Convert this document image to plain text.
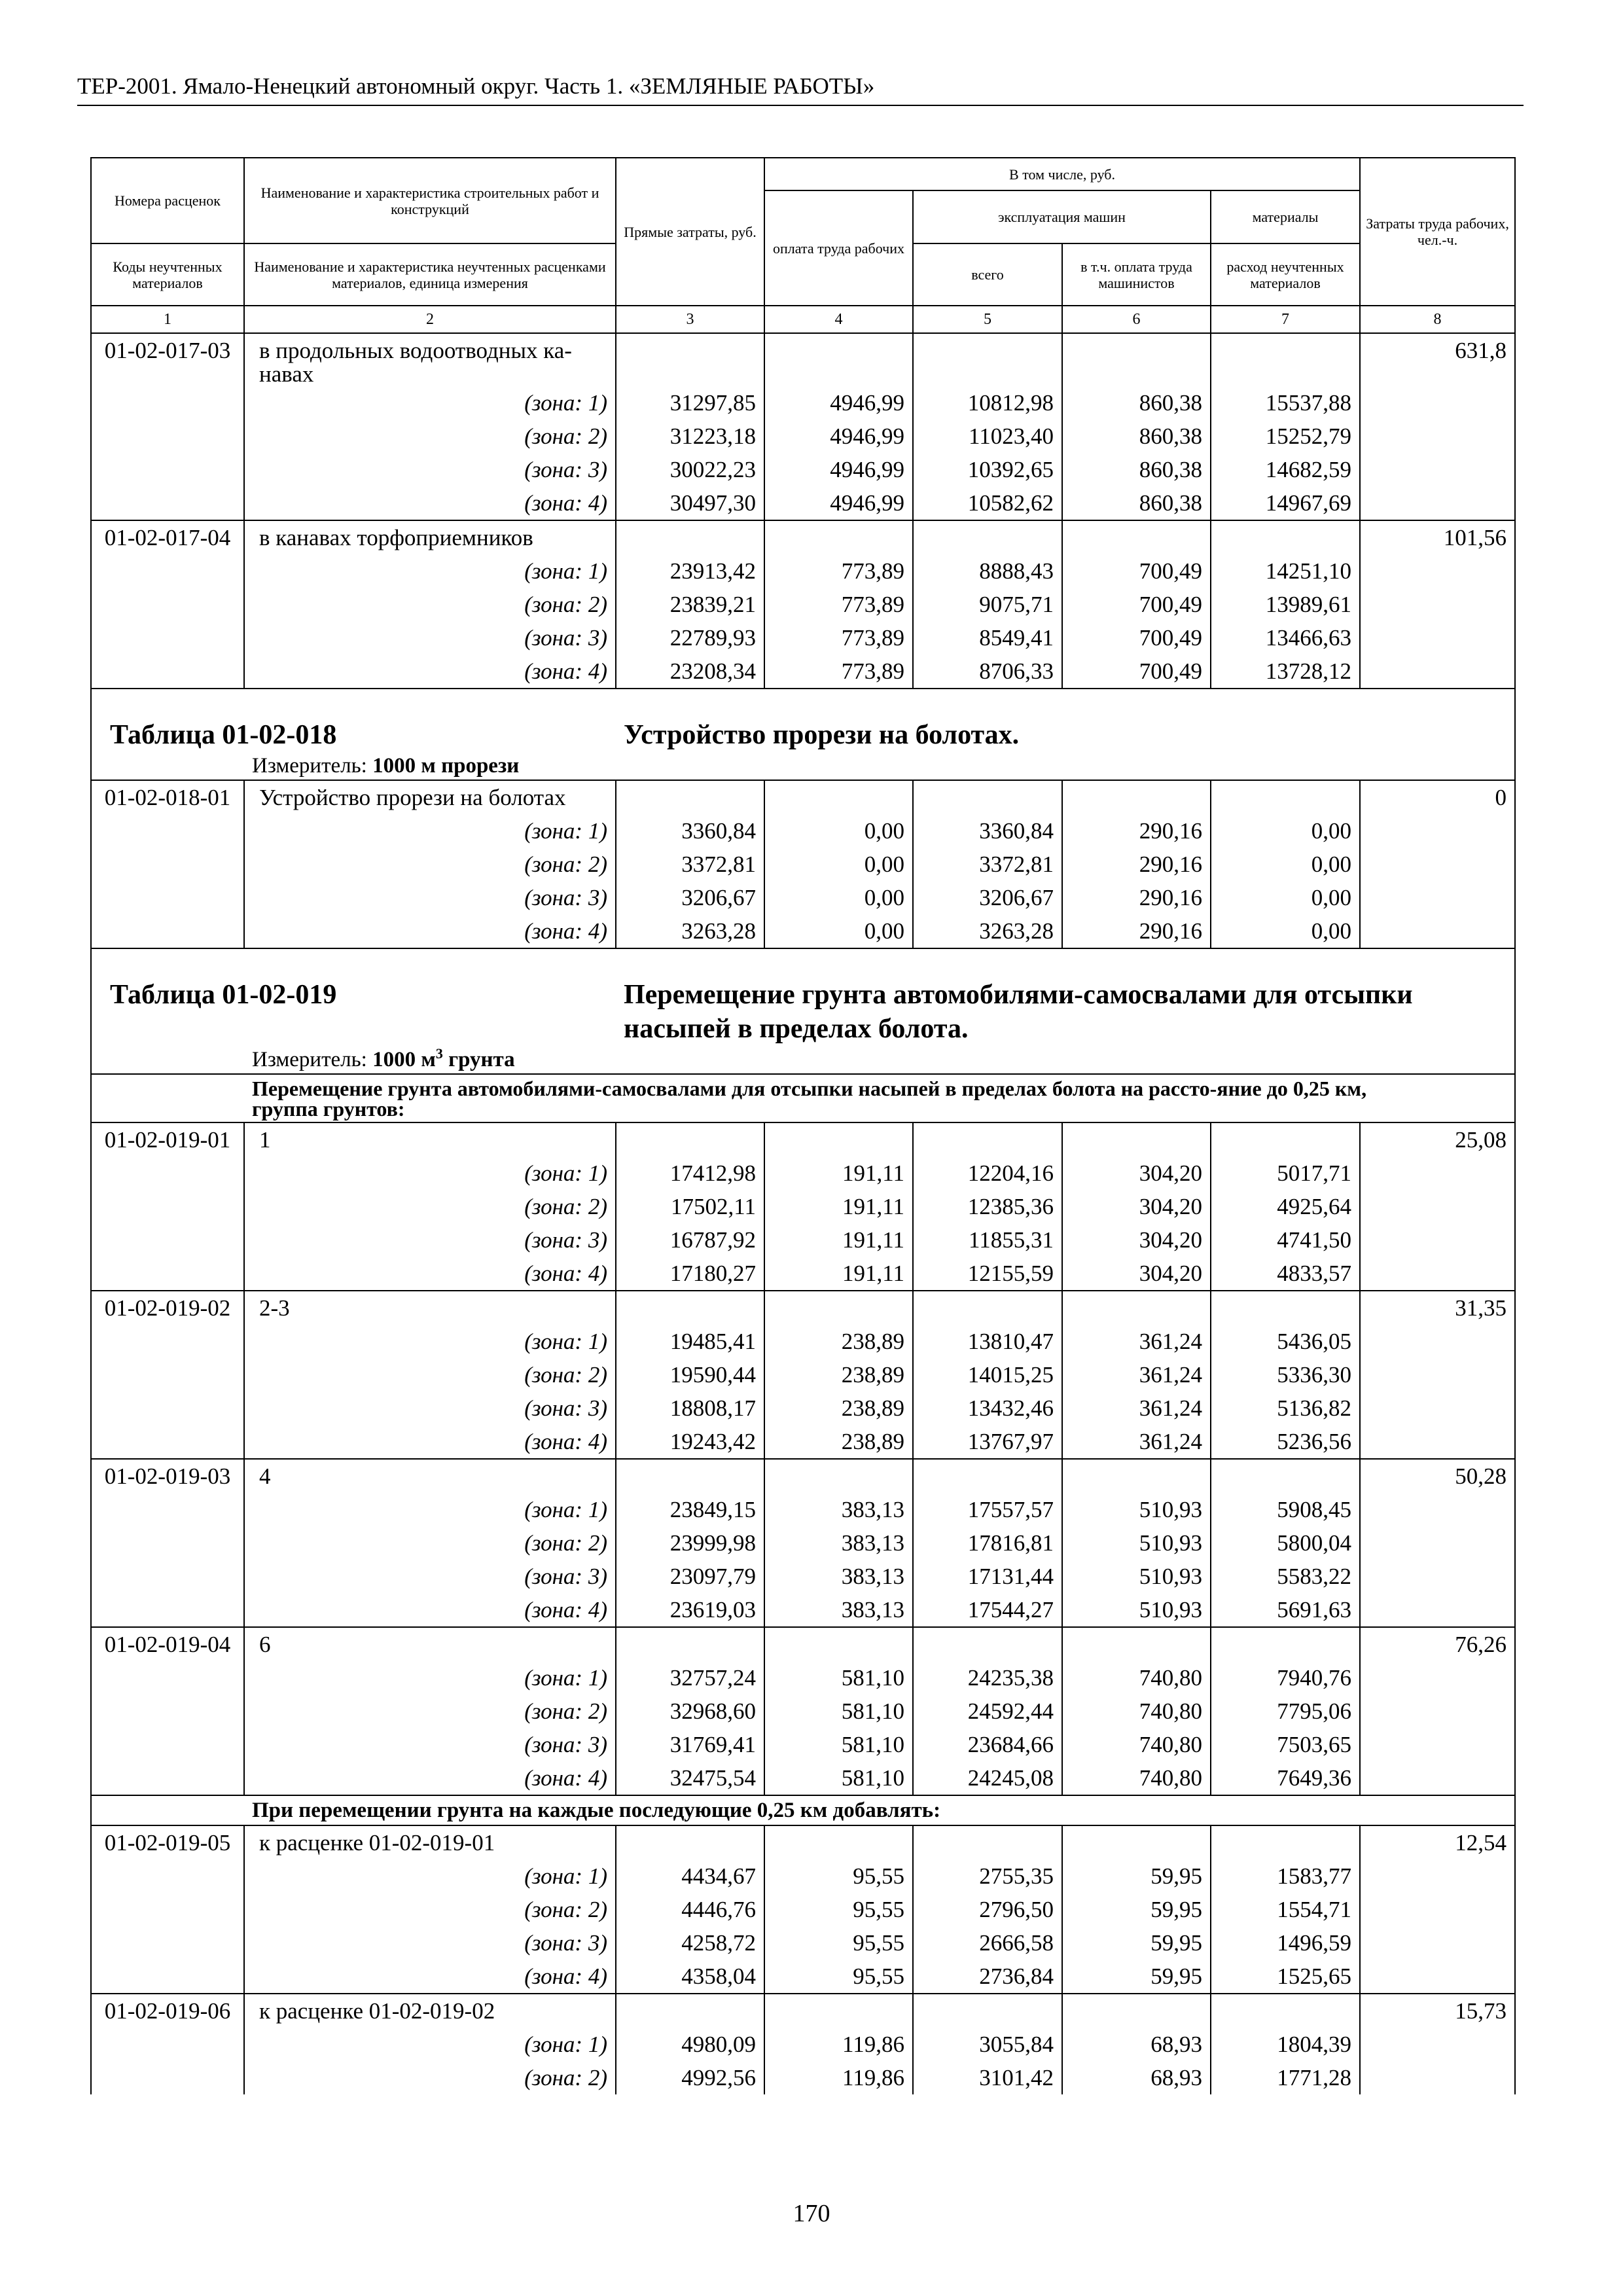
ТЕР-2001. Ямало-Ненецкий автономный округ. Часть 1. «ЗЕМЛЯНЫЕ РАБОТЫ»
Номера расценок	Наименование и характеристика строительных работ и конструкций	Прямые затраты, руб.	В том числе, руб.				Затраты труда рабочих, чел.-ч.
			оплата труда рабочих	эксплуатация машин		материалы	
Коды неучтенных материалов	Наименование и характеристика неучтенных расценками материалов, единица измерения			всего	в т.ч. оплата труда машинистов	расход неучтенных материалов	
1	2	3	4	5	6	7	8
01-02-017-03	в продольных водоотводных ка-навах						631,8
	(зона: 1)	31297,85	4946,99	10812,98	860,38	15537,88	
	(зона: 2)	31223,18	4946,99	11023,40	860,38	15252,79	
	(зона: 3)	30022,23	4946,99	10392,65	860,38	14682,59	
	(зона: 4)	30497,30	4946,99	10582,62	860,38	14967,69	
01-02-017-04	в канавах торфоприемников						101,56
	(зона: 1)	23913,42	773,89	8888,43	700,49	14251,10	
	(зона: 2)	23839,21	773,89	9075,71	700,49	13989,61	
	(зона: 3)	22789,93	773,89	8549,41	700,49	13466,63	
	(зона: 4)	23208,34	773,89	8706,33	700,49	13728,12	
Таблица 01-02-018		Устройство прорези на болотах.					
	Измеритель: 1000 м прорези						
01-02-018-01	Устройство прорези на болотах						0
	(зона: 1)	3360,84	0,00	3360,84	290,16	0,00	
	(зона: 2)	3372,81	0,00	3372,81	290,16	0,00	
	(зона: 3)	3206,67	0,00	3206,67	290,16	0,00	
	(зона: 4)	3263,28	0,00	3263,28	290,16	0,00	
Таблица 01-02-019		Перемещение грунта автомобилями-самосвалами для отсыпки насыпей в пределах болота.					
	Измеритель: 1000 $м^3$ грунта						
	Перемещение грунта автомобилями-самосвалами для отсыпки насыпей в пределах болота на рассто-яние до 0,25 км, группа грунтов:						
01-02-019-01	1						25,08
	(зона: 1)	17412,98	191,11	12204,16	304,20	5017,71	
	(зона: 2)	17502,11	191,11	12385,36	304,20	4925,64	
	(зона: 3)	16787,92	191,11	11855,31	304,20	4741,50	
	(зона: 4)	17180,27	191,11	12155,59	304,20	4833,57	
01-02-019-02	2-3						31,35
	(зона: 1)	19485,41	238,89	13810,47	361,24	5436,05	
	(зона: 2)	19590,44	238,89	14015,25	361,24	5336,30	
	(зона: 3)	18808,17	238,89	13432,46	361,24	5136,82	
	(зона: 4)	19243,42	238,89	13767,97	361,24	5236,56	
01-02-019-03	4						50,28
	(зона: 1)	23849,15	383,13	17557,57	510,93	5908,45	
	(зона: 2)	23999,98	383,13	17816,81	510,93	5800,04	
	(зона: 3)	23097,79	383,13	17131,44	510,93	5583,22	
	(зона: 4)	23619,03	383,13	17544,27	510,93	5691,63	
01-02-019-04	6						76,26
	(зона: 1)	32757,24	581,10	24235,38	740,80	7940,76	
	(зона: 2)	32968,60	581,10	24592,44	740,80	7795,06	
	(зона: 3)	31769,41	581,10	23684,66	740,80	7503,65	
	(зона: 4)	32475,54	581,10	24245,08	740,80	7649,36	
	При перемещении грунта на каждые последующие 0,25 км добавлять:						
01-02-019-05	к расценке 01-02-019-01						12,54
	(зона: 1)	4434,67	95,55	2755,35	59,95	1583,77	
	(зона: 2)	4446,76	95,55	2796,50	59,95	1554,71	
	(зона: 3)	4258,72	95,55	2666,58	59,95	1496,59	
	(зона: 4)	4358,04	95,55	2736,84	59,95	1525,65	
01-02-019-06	к расценке 01-02-019-02						15,73
	(зона: 1)	4980,09	119,86	3055,84	68,93	1804,39	
	(зона: 2)	4992,56	119,86	3101,42	68,93	1771,28	
170
